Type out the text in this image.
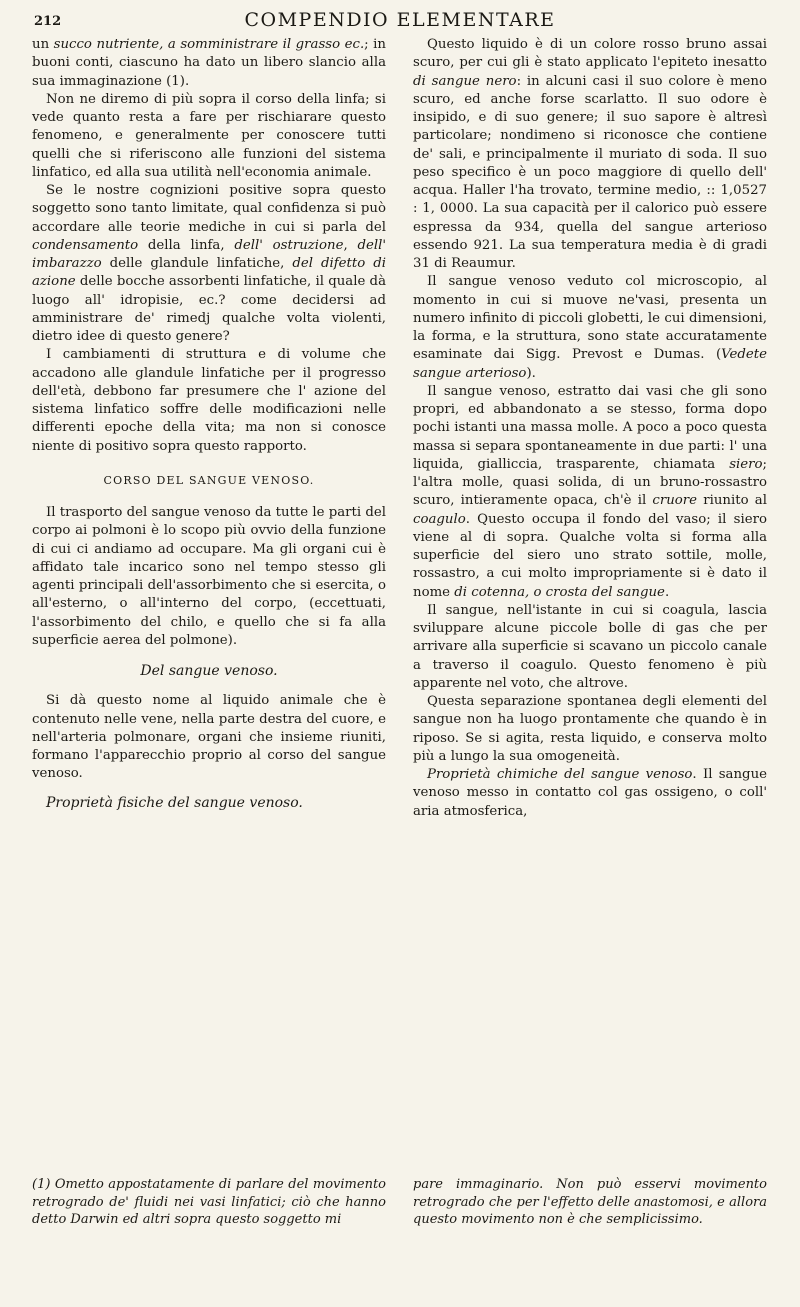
212	COMPENDIO ELEMENTARE

un succo nutriente, a somministrare il grasso ec.; in buoni conti, ciascuno ha dato un libero slancio alla sua immaginazione (1).

Non ne diremo di più sopra il corso della linfa; si vede quanto resta a fare per rischiarare questo fenomeno, e generalmente per conoscere tutti quelli che si riferiscono alle funzioni del sistema linfatico, ed alla sua utilità nell'economia animale.

Se le nostre cognizioni positive sopra questo soggetto sono tanto limitate, qual confidenza si può accordare alle teorie mediche in cui si parla del condensamento della linfa, dell' ostruzione, dell' imbarazzo delle glandule linfatiche, del difetto di azione delle bocche assorbenti linfatiche, il quale dà luogo all' idropisie, ec.? come decidersi ad amministrare de' rimedj qualche volta violenti, dietro idee di questo genere?

I cambiamenti di struttura e di volume che accadono alle glandule linfatiche per il progresso dell'età, debbono far presumere che l' azione del sistema linfatico soffre delle modificazioni nelle differenti epoche della vita; ma non si conosce niente di positivo sopra questo rapporto.

CORSO DEL SANGUE VENOSO.

Il trasporto del sangue venoso da tutte le parti del corpo ai polmoni è lo scopo più ovvio della funzione di cui ci andiamo ad occupare. Ma gli organi cui è affidato tale incarico sono nel tempo stesso gli agenti principali dell'assorbimento che si esercita, o all'esterno, o all'interno del corpo, (eccettuati, l'assorbimento del chilo, e quello che si fa alla superficie aerea del polmone).

Del sangue venoso.

Si dà questo nome al liquido animale che è contenuto nelle vene, nella parte destra del cuore, e nell'arteria polmonare, organi che insieme riuniti, formano l'apparecchio proprio al corso del sangue venoso.

Proprietà fisiche del sangue venoso.

Questo liquido è di un colore rosso bruno assai scuro, per cui gli è stato applicato l'epiteto inesatto di sangue nero: in alcuni casi il suo colore è meno scuro, ed anche forse scarlatto. Il suo odore è insipido, e di suo genere; il suo sapore è altresì particolare; nondimeno si riconosce che contiene de' sali, e principalmente il muriato di soda. Il suo peso specifico è un poco maggiore di quello dell' acqua. Haller l'ha trovato, termine medio, :: 1,0527 : 1, 0000. La sua capacità per il calorico può essere espressa da 934, quella del sangue arterioso essendo 921. La sua temperatura media è di gradi 31 di Reaumur.

Il sangue venoso veduto col microscopio, al momento in cui si muove ne'vasi, presenta un numero infinito di piccoli globetti, le cui dimensioni, la forma, e la struttura, sono state accuratamente esaminate dai Sigg. Prevost e Dumas. (Vedete sangue arterioso).

Il sangue venoso, estratto dai vasi che gli sono propri, ed abbandonato a se stesso, forma dopo pochi istanti una massa molle. A poco a poco questa massa si separa spontaneamente in due parti: l' una liquida, gialliccia, trasparente, chiamata siero; l'altra molle, quasi solida, di un bruno-rossastro scuro, intieramente opaca, ch'è il cruore riunito al coagulo. Questo occupa il fondo del vaso; il siero viene al di sopra. Qualche volta si forma alla superficie del siero uno strato sottile, molle, rossastro, a cui molto impropriamente si è dato il nome di cotenna, o crosta del sangue.

Il sangue, nell'istante in cui si coagula, lascia sviluppare alcune piccole bolle di gas che per arrivare alla superficie si scavano un piccolo canale a traverso il coagulo. Questo fenomeno è più apparente nel voto, che altrove.

Questa separazione spontanea degli elementi del sangue non ha luogo prontamente che quando è in riposo. Se si agita, resta liquido, e conserva molto più a lungo la sua omogeneità.

Proprietà chimiche del sangue venoso. Il sangue venoso messo in contatto col gas ossigeno, o coll' aria atmosferica,

(1) Ometto appostatamente di parlare del movimento retrogrado de' fluidi nei vasi linfatici; ciò che hanno detto Darwin ed altri sopra questo soggetto mi
pare immaginario. Non può esservi movimento retrogrado che per l'effetto delle anastomosi, e allora questo movimento non è che semplicissimo.
